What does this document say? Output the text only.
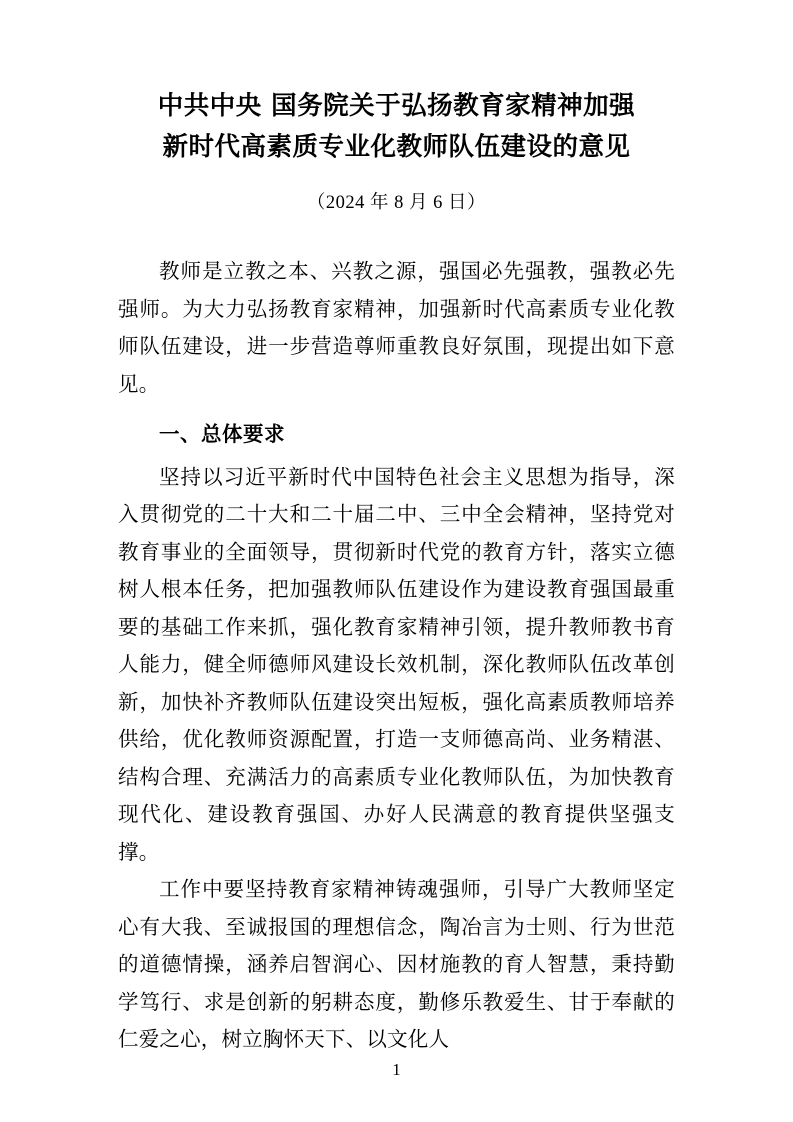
中共中央 国务院关于弘扬教育家精神加强
新时代高素质专业化教师队伍建设的意见
（2024 年 8 月 6 日）

教师是立教之本、兴教之源，强国必先强教，强教必先强师。为大力弘扬教育家精神，加强新时代高素质专业化教师队伍建设，进一步营造尊师重教良好氛围，现提出如下意见。

一、总体要求

坚持以习近平新时代中国特色社会主义思想为指导，深入贯彻党的二十大和二十届二中、三中全会精神，坚持党对教育事业的全面领导，贯彻新时代党的教育方针，落实立德树人根本任务，把加强教师队伍建设作为建设教育强国最重要的基础工作来抓，强化教育家精神引领，提升教师教书育人能力，健全师德师风建设长效机制，深化教师队伍改革创新，加快补齐教师队伍建设突出短板，强化高素质教师培养供给，优化教师资源配置，打造一支师德高尚、业务精湛、结构合理、充满活力的高素质专业化教师队伍，为加快教育现代化、建设教育强国、办好人民满意的教育提供坚强支撑。

工作中要坚持教育家精神铸魂强师，引导广大教师坚定心有大我、至诚报国的理想信念，陶冶言为士则、行为世范的道德情操，涵养启智润心、因材施教的育人智慧，秉持勤学笃行、求是创新的躬耕态度，勤修乐教爱生、甘于奉献的仁爱之心，树立胸怀天下、以文化人

1
